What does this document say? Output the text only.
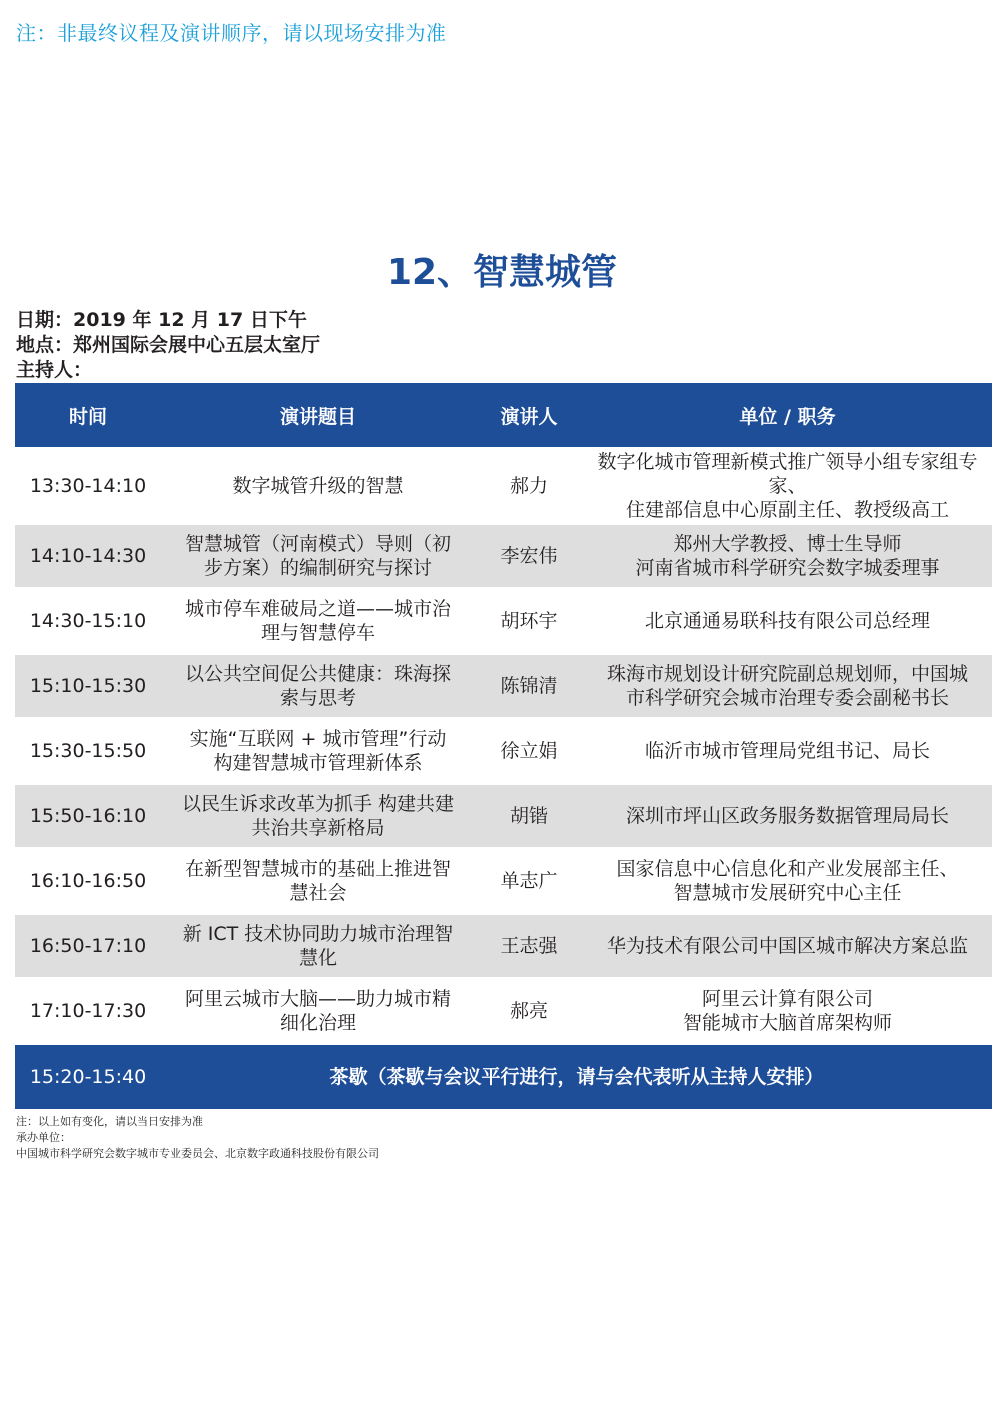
注：非最终议程及演讲顺序，请以现场安排为准
12、智慧城管
日期：2019 年 12 月 17 日下午
地点：郑州国际会展中心五层太室厅
主持人：
时间	演讲题目	演讲人	单位 / 职务
13:30-14:10	数字城管升级的智慧	郝力	数字化城市管理新模式推广领导小组专家组专家、
住建部信息中心原副主任、教授级高工

14:10-14:30	智慧城管（河南模式）导则（初
步方案）的编制研究与探讨	李宏伟	郑州大学教授、博士生导师
河南省城市科学研究会数字城委理事

14:30-15:10	城市停车难破局之道——城市治
理与智慧停车	胡环宇	北京通通易联科技有限公司总经理

15:10-15:30	以公共空间促公共健康：珠海探
索与思考	陈锦清	珠海市规划设计研究院副总规划师，中国城
市科学研究会城市治理专委会副秘书长

15:30-15:50	实施“互联网 + 城市管理”行动
构建智慧城市管理新体系	徐立娟	临沂市城市管理局党组书记、局长

15:50-16:10	以民生诉求改革为抓手 构建共建
共治共享新格局	胡锴	深圳市坪山区政务服务数据管理局局长

16:10-16:50	在新型智慧城市的基础上推进智
慧社会	单志广	国家信息中心信息化和产业发展部主任、
智慧城市发展研究中心主任

16:50-17:10	新 ICT 技术协同助力城市治理智
慧化	王志强	华为技术有限公司中国区城市解决方案总监

17:10-17:30	阿里云城市大脑——助力城市精
细化治理	郝亮	阿里云计算有限公司
智能城市大脑首席架构师

15:20-15:40	茶歇（茶歇与会议平行进行，请与会代表听从主持人安排）		
注：以上如有变化，请以当日安排为准
承办单位：
中国城市科学研究会数字城市专业委员会、北京数字政通科技股份有限公司
